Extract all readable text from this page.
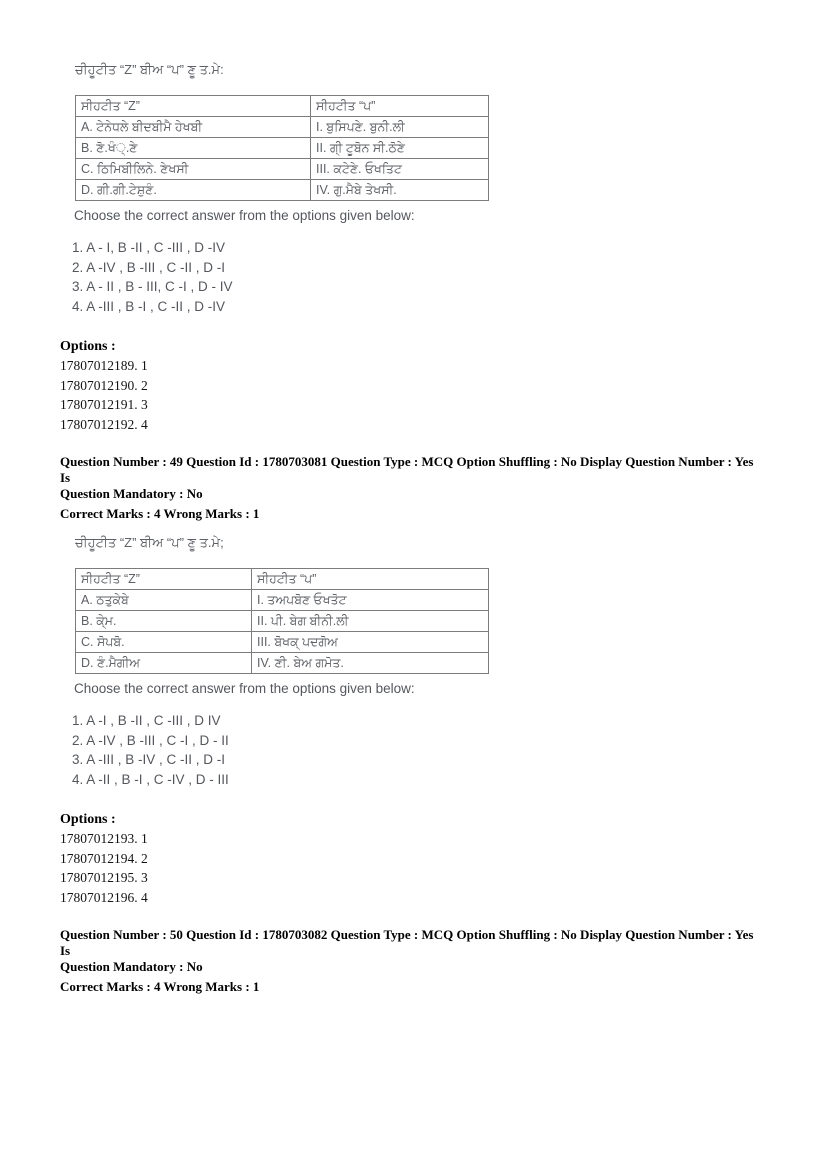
ਚੀਹੂਟੀਤ “Z” ਬੀਅ “ਪ” ਣੂ ਤ.ਮੇ:
ਸੀਹਟੀਤ “Z”	ਸੀਹਟੀਤ “ਪ”
A. ਟੇਨੇਧਲੇ ਬੀਦਬੀਮੈ ਹੇਖਬੀ	I. ਬੁਸਿਪਣੇ. ਬੁਨੀ.ਲੀ
B. ਣੋ.ਖੰ੍.ਣੇ	II. ਗੀ੍ ਟੂਬੋਨ ਸੀ.ਠੋਣੇ
C. ਠਿਮਿਬੀਲਿਨੇ. ਣੇਖਸੀ	III. ਕਟੇਣੇ. ਓਖਤਿਟ
D. ਗੀ.ਗੀ.ਟੇਸ਼ੁਣੰ.	IV. ਗੁ.ਮੈਬੇ ਤੇਖਸੀ.
Choose the correct answer from the options given below:
1. A - I, B -II , C -III , D -IV
2. A -IV , B -III , C -II , D -I
3. A - II , B - III, C -I , D - IV
4. A -III , B -I , C -II , D -IV
Options :
17807012189. 1
17807012190. 2
17807012191. 3
17807012192. 4
Question Number : 49 Question Id : 1780703081 Question Type : MCQ Option Shuffling : No Display Question Number : Yes Is
Question Mandatory : No
Correct Marks : 4 Wrong Marks : 1
ਚੀਹੂਟੀਤ “Z” ਬੀਅ “ਪ” ਣੂ ਤ.ਮੇ;
ਸੀਹਟੀਤ “Z”	ਸੀਹਟੀਤ “ਪ”
A. ਠਤੁਕੇਬੇ	I. ਤਅਪਬੋਣ ਓਖਤੋਟ
B. ਕੇ੍ਮ.	II. ਪੀ. ਬੇਗ ਬੀਨੀ.ਲੀ
C. ਸੋਪਬੋ.	III. ਬੋਖਕ੍ ਪਦਗੋਅ
D. ਣੰ.ਮੈਗੀਅ	IV. ਣੀ. ਬੇਅ ਗਮੋਤ.
Choose the correct answer from the options given below:
1. A -I , B -II , C -III , D IV
2. A -IV , B -III , C -I , D - II
3. A -III , B -IV , C -II , D -I
4. A -II , B -I , C -IV , D - III
Options :
17807012193. 1
17807012194. 2
17807012195. 3
17807012196. 4
Question Number : 50 Question Id : 1780703082 Question Type : MCQ Option Shuffling : No Display Question Number : Yes Is
Question Mandatory : No
Correct Marks : 4 Wrong Marks : 1
